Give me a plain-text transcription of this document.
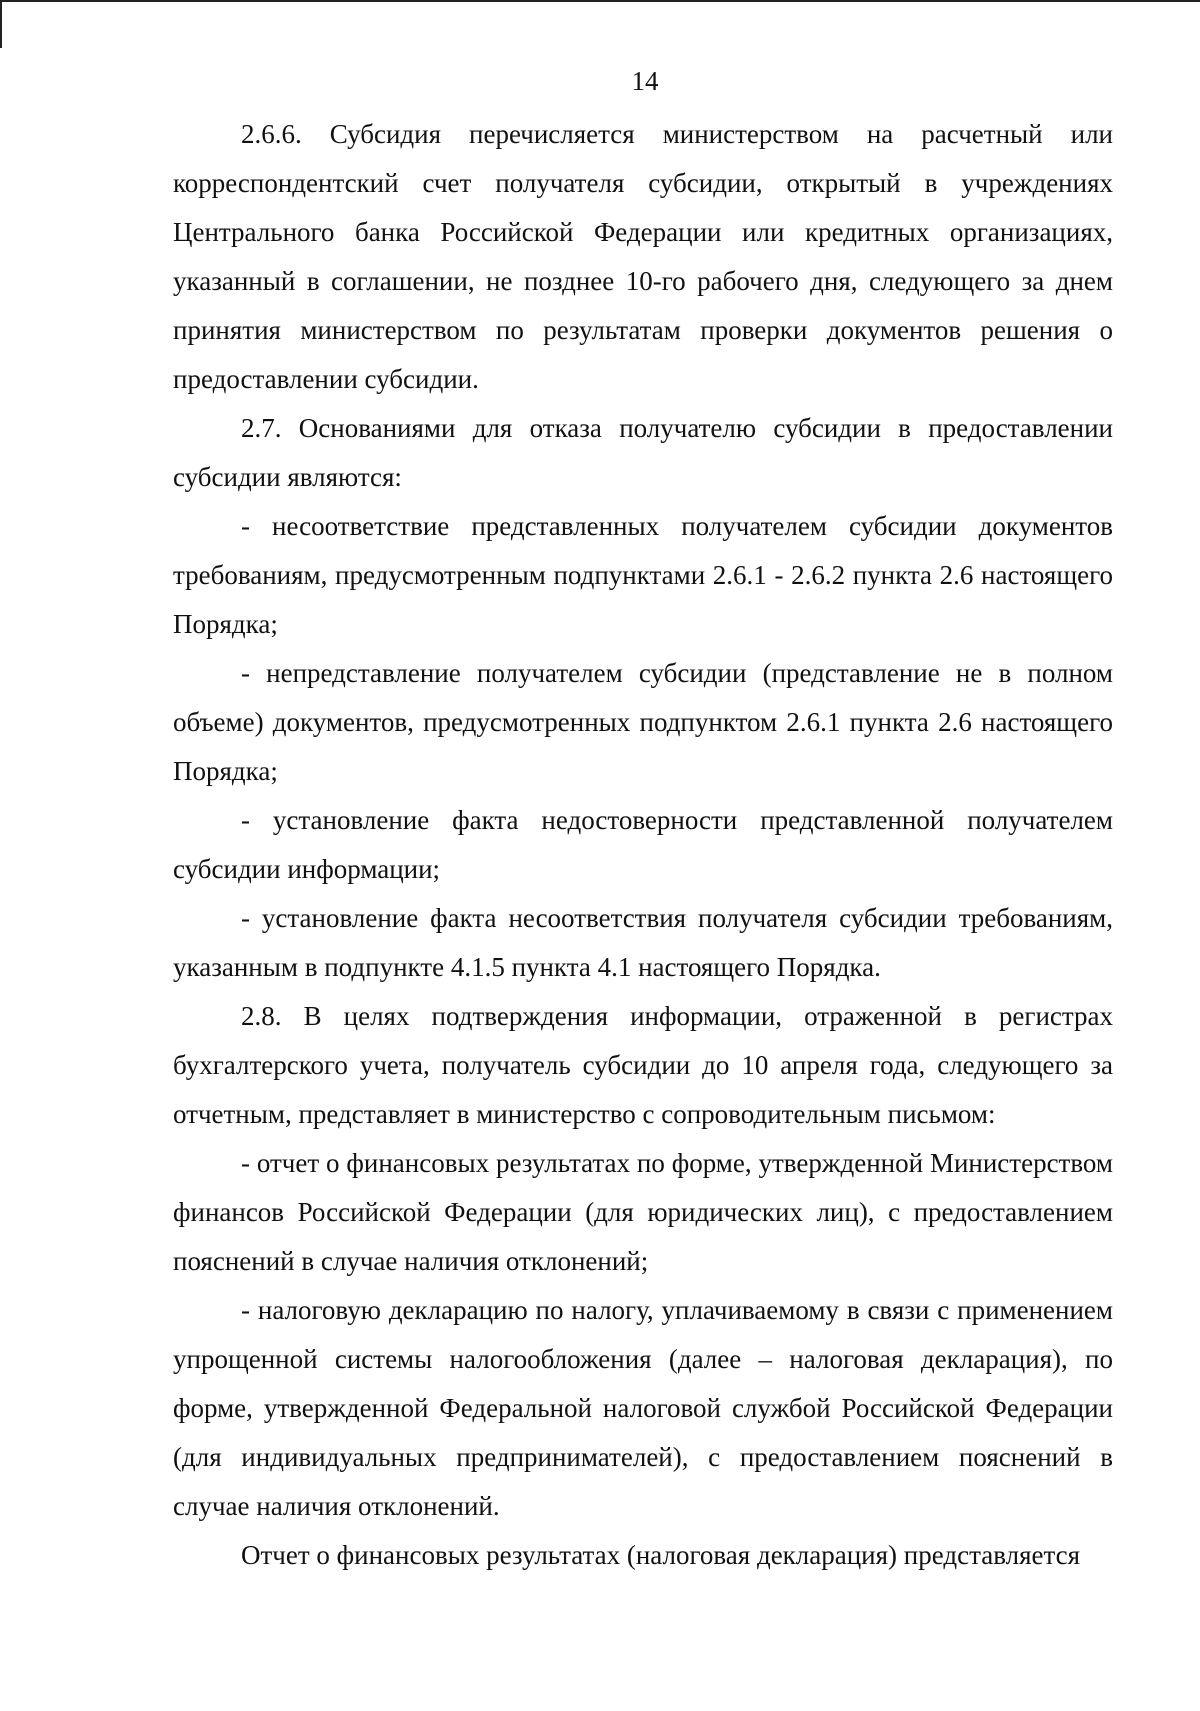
14

2.6.6. Субсидия перечисляется министерством на расчетный или корреспондентский счет получателя субсидии, открытый в учреждениях Центрального банка Российской Федерации или кредитных организациях, указанный в соглашении, не позднее 10-го рабочего дня, следующего за днем принятия министерством по результатам проверки документов решения о предоставлении субсидии.

2.7. Основаниями для отказа получателю субсидии в предоставлении субсидии являются:

- несоответствие представленных получателем субсидии документов требованиям, предусмотренным подпунктами 2.6.1 - 2.6.2 пункта 2.6 настоящего Порядка;

- непредставление получателем субсидии (представление не в полном объеме) документов, предусмотренных подпунктом 2.6.1 пункта 2.6 настоящего Порядка;

- установление факта недостоверности представленной получателем субсидии информации;

- установление факта несоответствия получателя субсидии требованиям, указанным в подпункте 4.1.5 пункта 4.1 настоящего Порядка.

2.8. В целях подтверждения информации, отраженной в регистрах бухгалтерского учета, получатель субсидии до 10 апреля года, следующего за отчетным, представляет в министерство с сопроводительным письмом:

- отчет о финансовых результатах по форме, утвержденной Министерством финансов Российской Федерации (для юридических лиц), с предоставлением пояснений в случае наличия отклонений;

- налоговую декларацию по налогу, уплачиваемому в связи с применением упрощенной системы налогообложения (далее – налоговая декларация), по форме, утвержденной Федеральной налоговой службой Российской Федерации (для индивидуальных предпринимателей), с предоставлением пояснений в случае наличия отклонений.

Отчет о финансовых результатах (налоговая декларация) представляется
